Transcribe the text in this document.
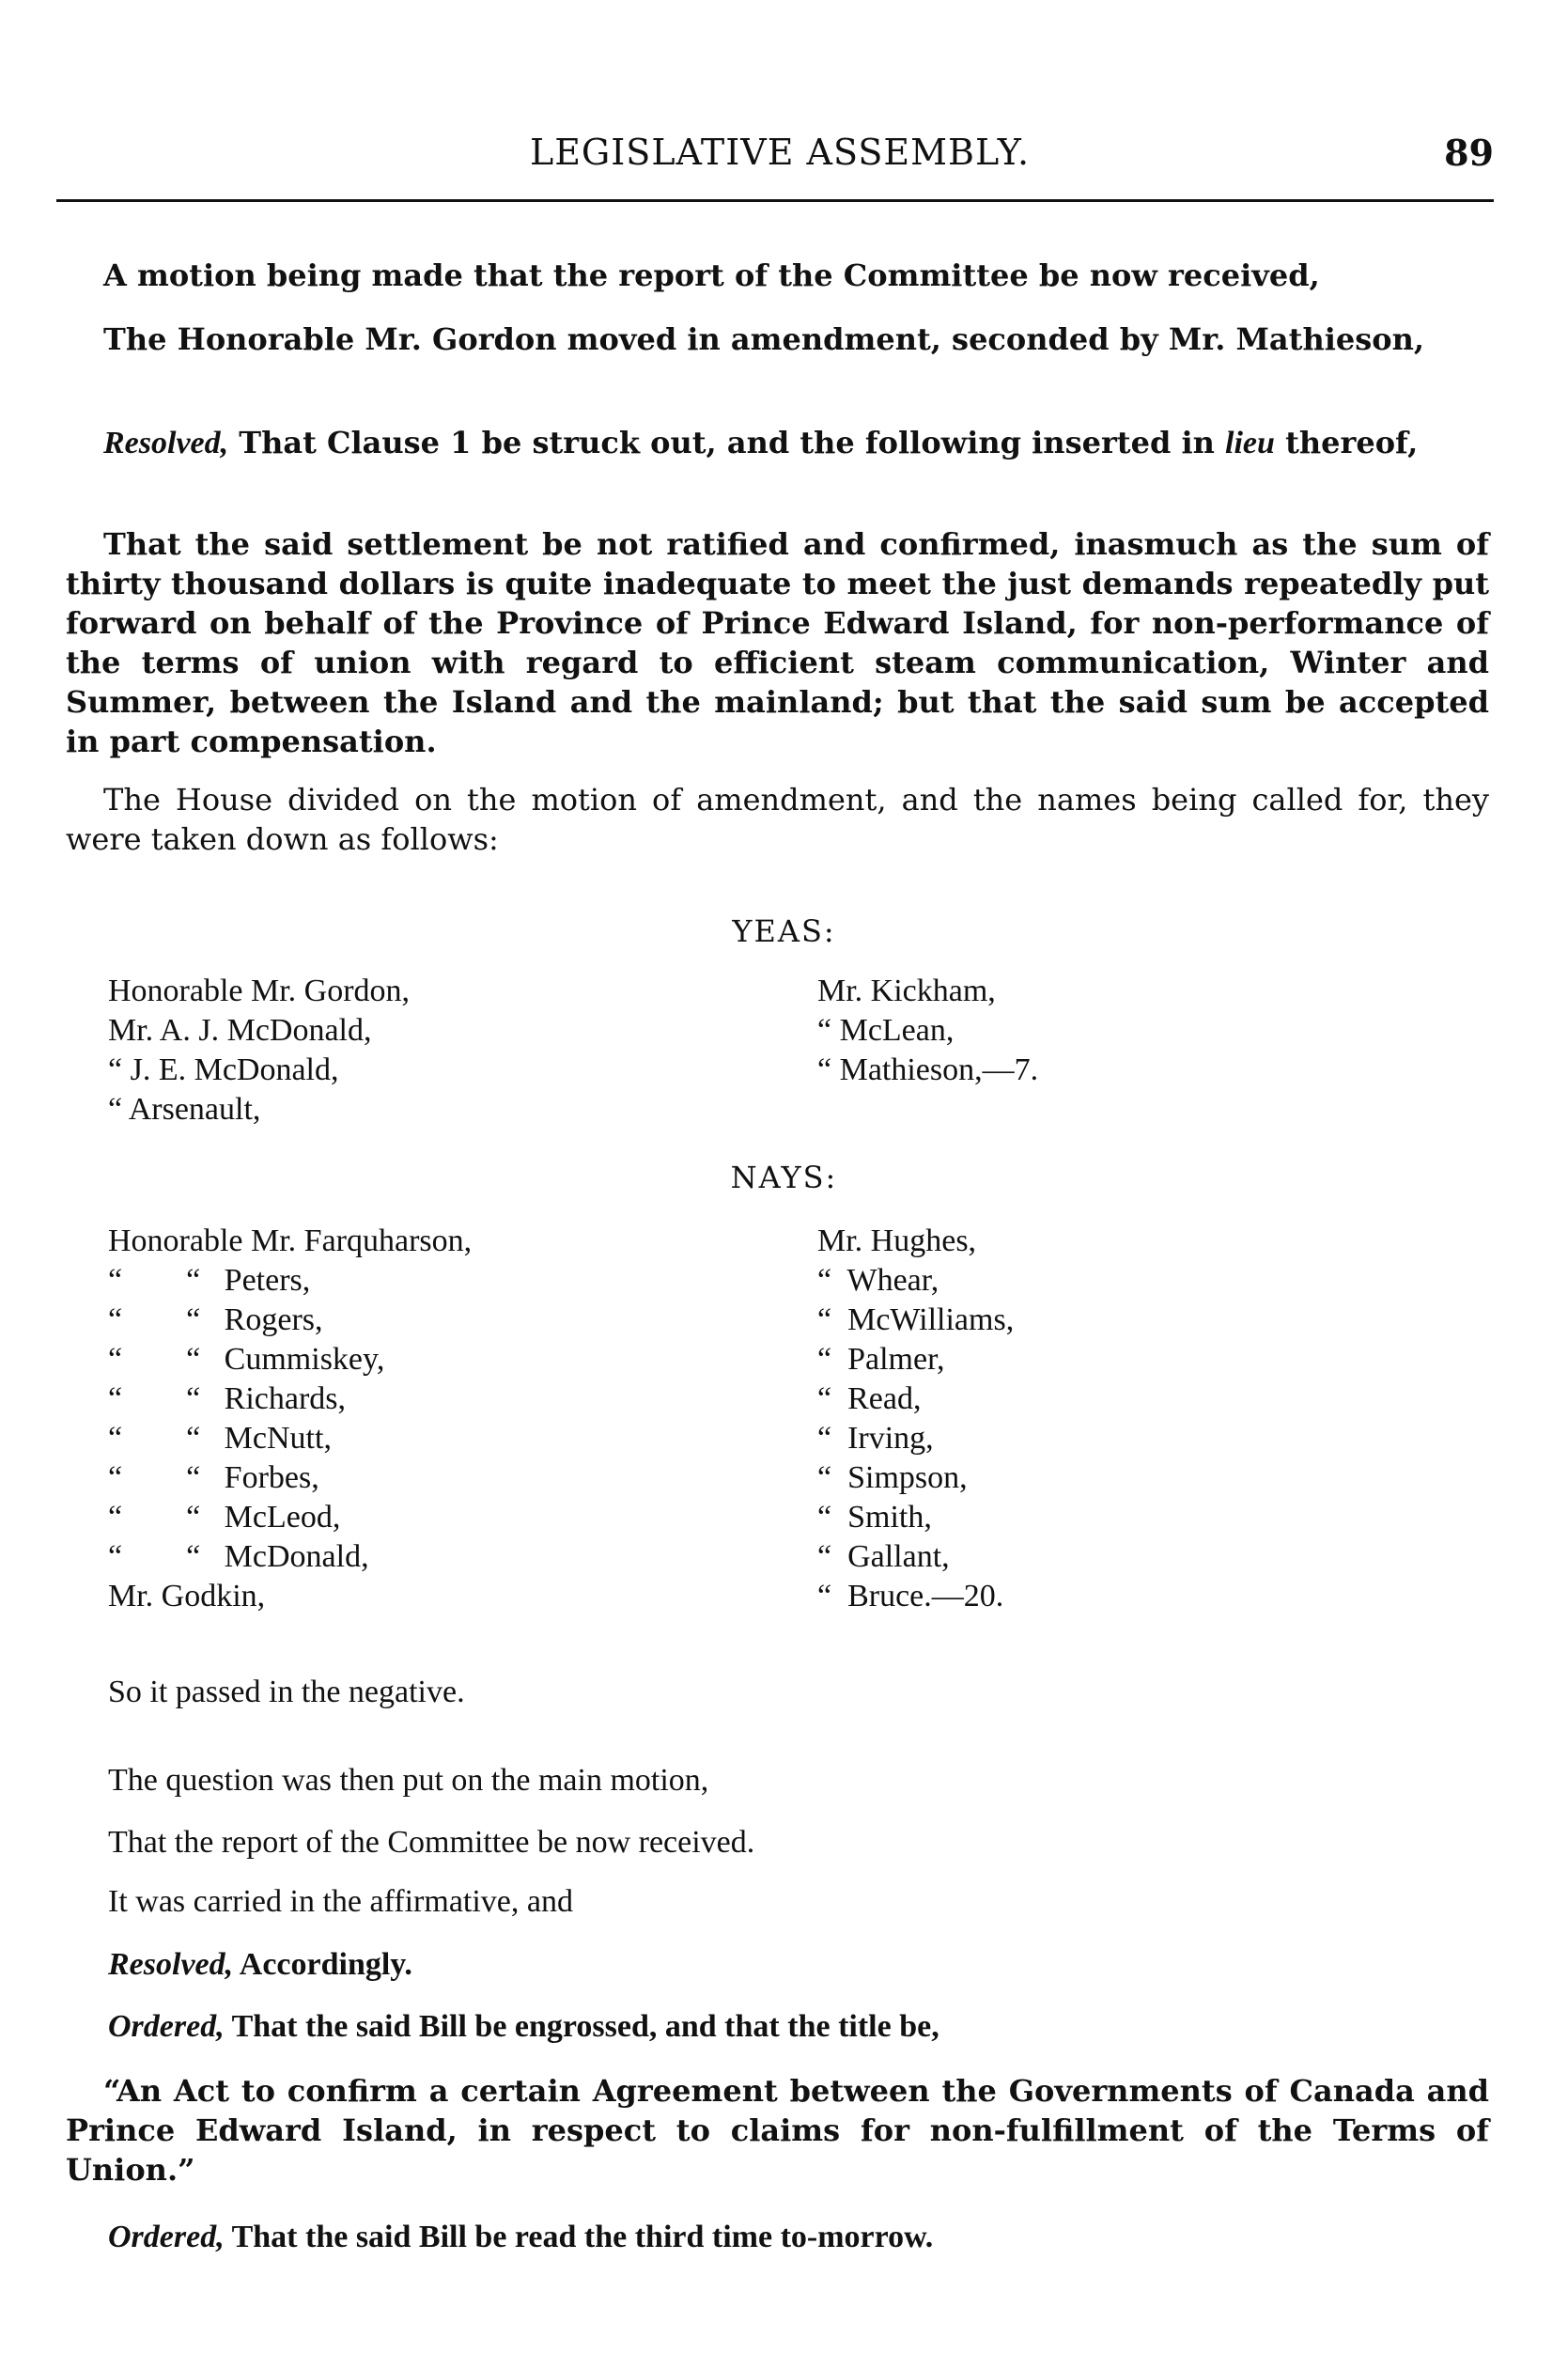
LEGISLATIVE ASSEMBLY.	89
A motion being made that the report of the Committee be now received,
The Honorable Mr. Gordon moved in amendment, seconded by Mr. Mathieson,
Resolved, That Clause 1 be struck out, and the following inserted in lieu thereof,
That the said settlement be not ratified and confirmed, inasmuch as the sum of thirty thousand dollars is quite inadequate to meet the just demands repeatedly put forward on behalf of the Province of Prince Edward Island, for non-performance of the terms of union with regard to efficient steam communication, Winter and Summer, between the Island and the mainland; but that the said sum be accepted in part compensation.
The House divided on the motion of amendment, and the names being called for, they were taken down as follows:
YEAS:
Honorable Mr. Gordon,
Mr. A. J. McDonald,
“ J. E. McDonald,
“ Arsenault,
Mr. Kickham,
“ McLean,
“ Mathieson,—7.
NAYS:
Honorable Mr. Farquharson,
“        “   Peters,
“        “   Rogers,
“        “   Cummiskey,
“        “   Richards,
“        “   McNutt,
“        “   Forbes,
“        “   McLeod,
“        “   McDonald,
Mr. Godkin,
Mr. Hughes,
“  Whear,
“  McWilliams,
“  Palmer,
“  Read,
“  Irving,
“  Simpson,
“  Smith,
“  Gallant,
“  Bruce.—20.
So it passed in the negative.
The question was then put on the main motion,
That the report of the Committee be now received.
It was carried in the affirmative, and
Resolved, Accordingly.
Ordered, That the said Bill be engrossed, and that the title be,
“An Act to confirm a certain Agreement between the Governments of Canada and Prince Edward Island, in respect to claims for non-fulfillment of the Terms of Union.”
Ordered, That the said Bill be read the third time to-morrow.
